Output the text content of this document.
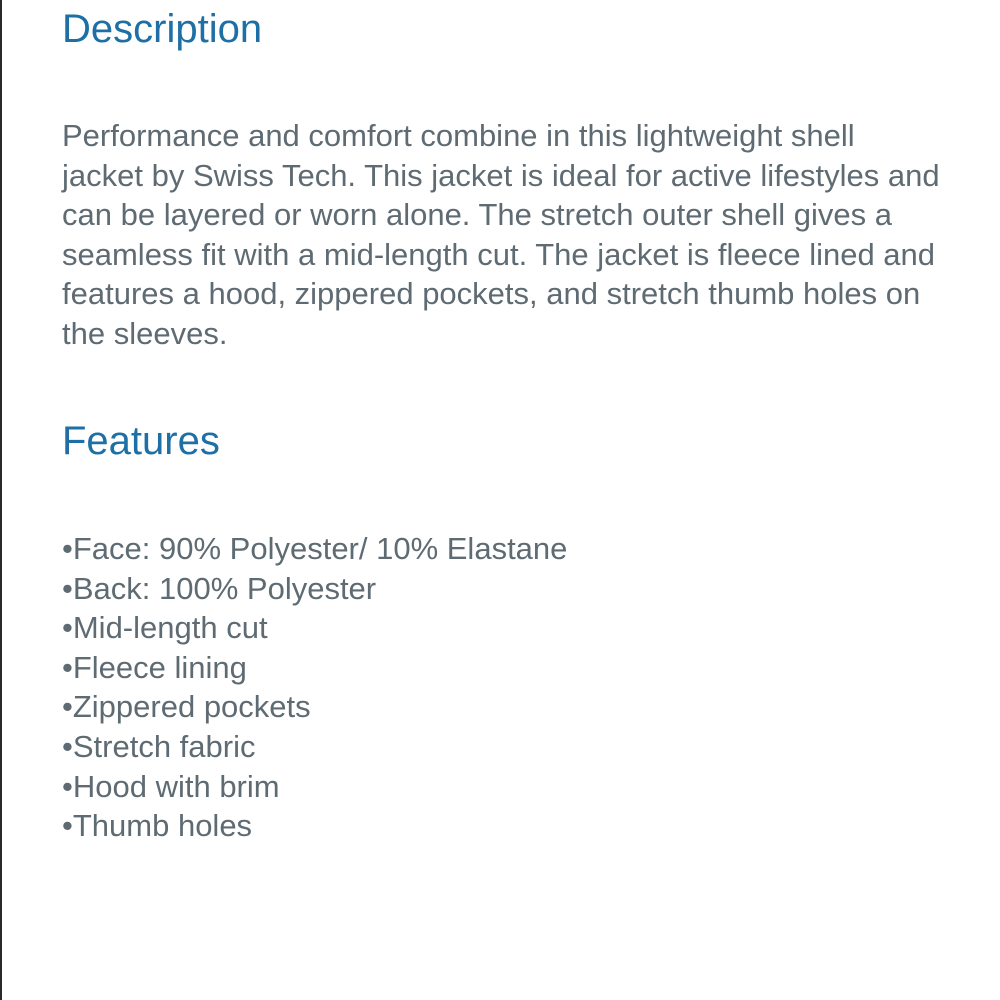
Description

Performance and comfort combine in this lightweight shell jacket by Swiss Tech. This jacket is ideal for active lifestyles and can be layered or worn alone. The stretch outer shell gives a seamless fit with a mid-length cut. The jacket is fleece lined and features a hood, zippered pockets, and stretch thumb holes on the sleeves.

Features
•Face: 90% Polyester/ 10% Elastane
•Back: 100% Polyester
•Mid-length cut
•Fleece lining
•Zippered pockets
•Stretch fabric
•Hood with brim
•Thumb holes
